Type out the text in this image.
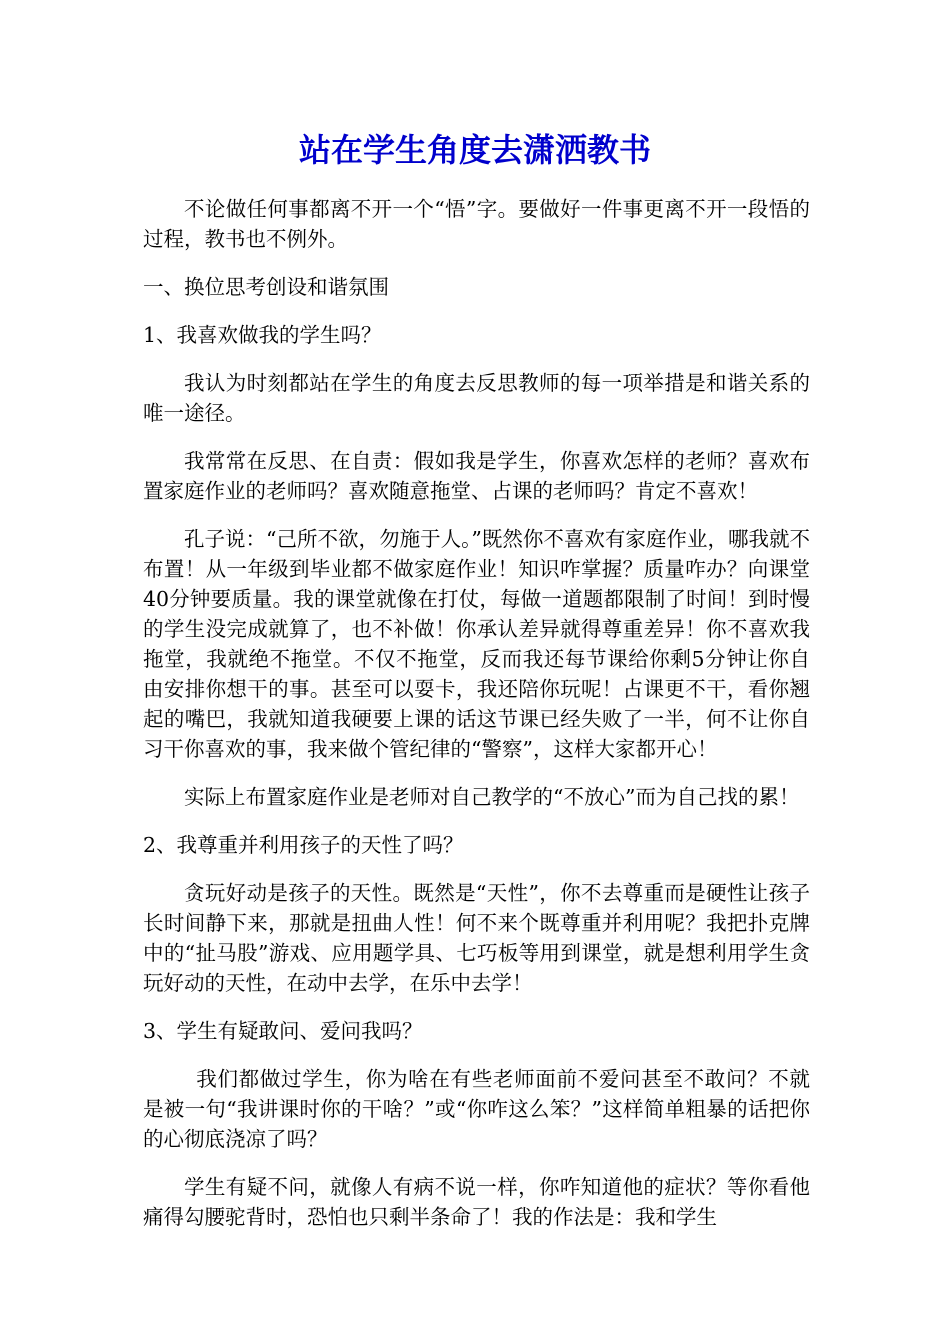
站在学生角度去潇洒教书

不论做任何事都离不开一个“悟”字。要做好一件事更离不开一段悟的过程，教书也不例外。

一、换位思考创设和谐氛围

1、我喜欢做我的学生吗？

我认为时刻都站在学生的角度去反思教师的每一项举措是和谐关系的唯一途径。

我常常在反思、在自责：假如我是学生，你喜欢怎样的老师？喜欢布置家庭作业的老师吗？喜欢随意拖堂、占课的老师吗？肯定不喜欢！

孔子说：“己所不欲，勿施于人。”既然你不喜欢有家庭作业，哪我就不布置！从一年级到毕业都不做家庭作业！知识咋掌握？质量咋办？向课堂40分钟要质量。我的课堂就像在打仗，每做一道题都限制了时间！到时慢的学生没完成就算了，也不补做！你承认差异就得尊重差异！你不喜欢我拖堂，我就绝不拖堂。不仅不拖堂，反而我还每节课给你剩5分钟让你自由安排你想干的事。甚至可以耍卡，我还陪你玩呢！占课更不干，看你翘起的嘴巴，我就知道我硬要上课的话这节课已经失败了一半，何不让你自习干你喜欢的事，我来做个管纪律的“警察”，这样大家都开心！

实际上布置家庭作业是老师对自己教学的“不放心”而为自己找的累！

2、我尊重并利用孩子的天性了吗？

贪玩好动是孩子的天性。既然是“天性”，你不去尊重而是硬性让孩子长时间静下来，那就是扭曲人性！何不来个既尊重并利用呢？我把扑克牌中的“扯马股”游戏、应用题学具、七巧板等用到课堂，就是想利用学生贪玩好动的天性，在动中去学，在乐中去学！

3、学生有疑敢问、爱问我吗？

我们都做过学生，你为啥在有些老师面前不爱问甚至不敢问？不就是被一句“我讲课时你的干啥？”或“你咋这么笨？”这样简单粗暴的话把你的心彻底浇凉了吗？

学生有疑不问，就像人有病不说一样，你咋知道他的症状？等你看他痛得勾腰驼背时，恐怕也只剩半条命了！我的作法是：我和学生
